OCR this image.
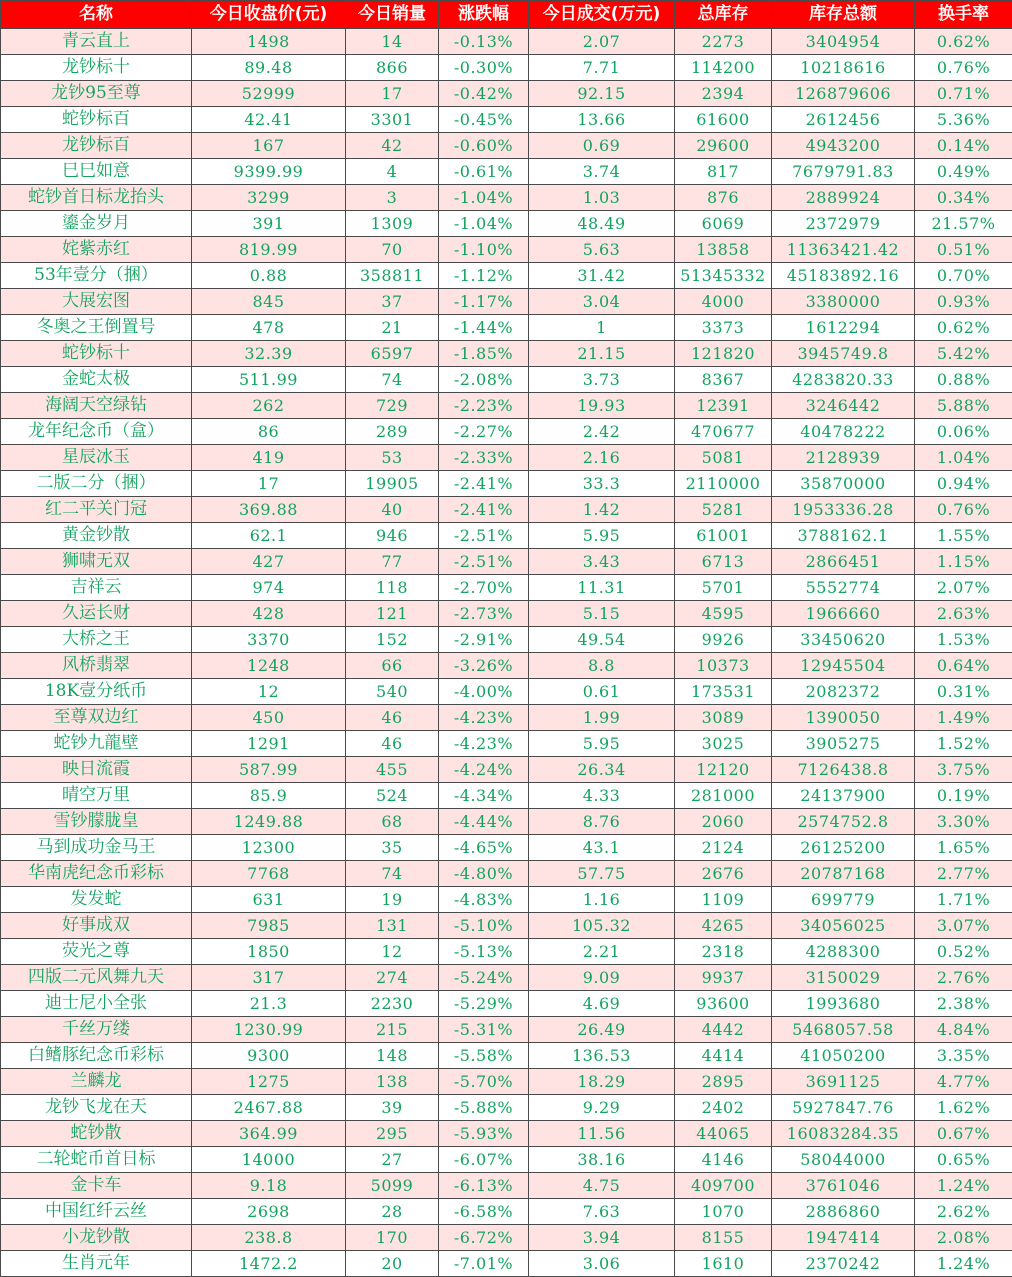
名称	今日收盘价(元)	今日销量	涨跌幅	今日成交(万元)	总库存	库存总额	换手率
青云直上	1498	14	-0.13%	2.07	2273	3404954	0.62%
龙钞标十	89.48	866	-0.30%	7.71	114200	10218616	0.76%
龙钞95至尊	52999	17	-0.42%	92.15	2394	126879606	0.71%
蛇钞标百	42.41	3301	-0.45%	13.66	61600	2612456	5.36%
龙钞标百	167	42	-0.60%	0.69	29600	4943200	0.14%
巳巳如意	9399.99	4	-0.61%	3.74	817	7679791.83	0.49%
蛇钞首日标龙抬头	3299	3	-1.04%	1.03	876	2889924	0.34%
鎏金岁月	391	1309	-1.04%	48.49	6069	2372979	21.57%
姹紫赤红	819.99	70	-1.10%	5.63	13858	11363421.42	0.51%
53年壹分（捆）	0.88	358811	-1.12%	31.42	51345332	45183892.16	0.70%
大展宏图	845	37	-1.17%	3.04	4000	3380000	0.93%
冬奥之王倒置号	478	21	-1.44%	1	3373	1612294	0.62%
蛇钞标十	32.39	6597	-1.85%	21.15	121820	3945749.8	5.42%
金蛇太极	511.99	74	-2.08%	3.73	8367	4283820.33	0.88%
海阔天空绿钻	262	729	-2.23%	19.93	12391	3246442	5.88%
龙年纪念币（盒）	86	289	-2.27%	2.42	470677	40478222	0.06%
星辰冰玉	419	53	-2.33%	2.16	5081	2128939	1.04%
二版二分（捆）	17	19905	-2.41%	33.3	2110000	35870000	0.94%
红二平关门冠	369.88	40	-2.41%	1.42	5281	1953336.28	0.76%
黄金钞散	62.1	946	-2.51%	5.95	61001	3788162.1	1.55%
狮啸无双	427	77	-2.51%	3.43	6713	2866451	1.15%
吉祥云	974	118	-2.70%	11.31	5701	5552774	2.07%
久运长财	428	121	-2.73%	5.15	4595	1966660	2.63%
大桥之王	3370	152	-2.91%	49.54	9926	33450620	1.53%
风桥翡翠	1248	66	-3.26%	8.8	10373	12945504	0.64%
18K壹分纸币	12	540	-4.00%	0.61	173531	2082372	0.31%
至尊双边红	450	46	-4.23%	1.99	3089	1390050	1.49%
蛇钞九龍壁	1291	46	-4.23%	5.95	3025	3905275	1.52%
映日流霞	587.99	455	-4.24%	26.34	12120	7126438.8	3.75%
晴空万里	85.9	524	-4.34%	4.33	281000	24137900	0.19%
雪钞朦胧皇	1249.88	68	-4.44%	8.76	2060	2574752.8	3.30%
马到成功金马王	12300	35	-4.65%	43.1	2124	26125200	1.65%
华南虎纪念币彩标	7768	74	-4.80%	57.75	2676	20787168	2.77%
发发蛇	631	19	-4.83%	1.16	1109	699779	1.71%
好事成双	7985	131	-5.10%	105.32	4265	34056025	3.07%
荧光之尊	1850	12	-5.13%	2.21	2318	4288300	0.52%
四版二元风舞九天	317	274	-5.24%	9.09	9937	3150029	2.76%
迪士尼小全张	21.3	2230	-5.29%	4.69	93600	1993680	2.38%
千丝万缕	1230.99	215	-5.31%	26.49	4442	5468057.58	4.84%
白鳍豚纪念币彩标	9300	148	-5.58%	136.53	4414	41050200	3.35%
兰麟龙	1275	138	-5.70%	18.29	2895	3691125	4.77%
龙钞飞龙在天	2467.88	39	-5.88%	9.29	2402	5927847.76	1.62%
蛇钞散	364.99	295	-5.93%	11.56	44065	16083284.35	0.67%
二轮蛇币首日标	14000	27	-6.07%	38.16	4146	58044000	0.65%
金卡车	9.18	5099	-6.13%	4.75	409700	3761046	1.24%
中国红纤云丝	2698	28	-6.58%	7.63	1070	2886860	2.62%
小龙钞散	238.8	170	-6.72%	3.94	8155	1947414	2.08%
生肖元年	1472.2	20	-7.01%	3.06	1610	2370242	1.24%
